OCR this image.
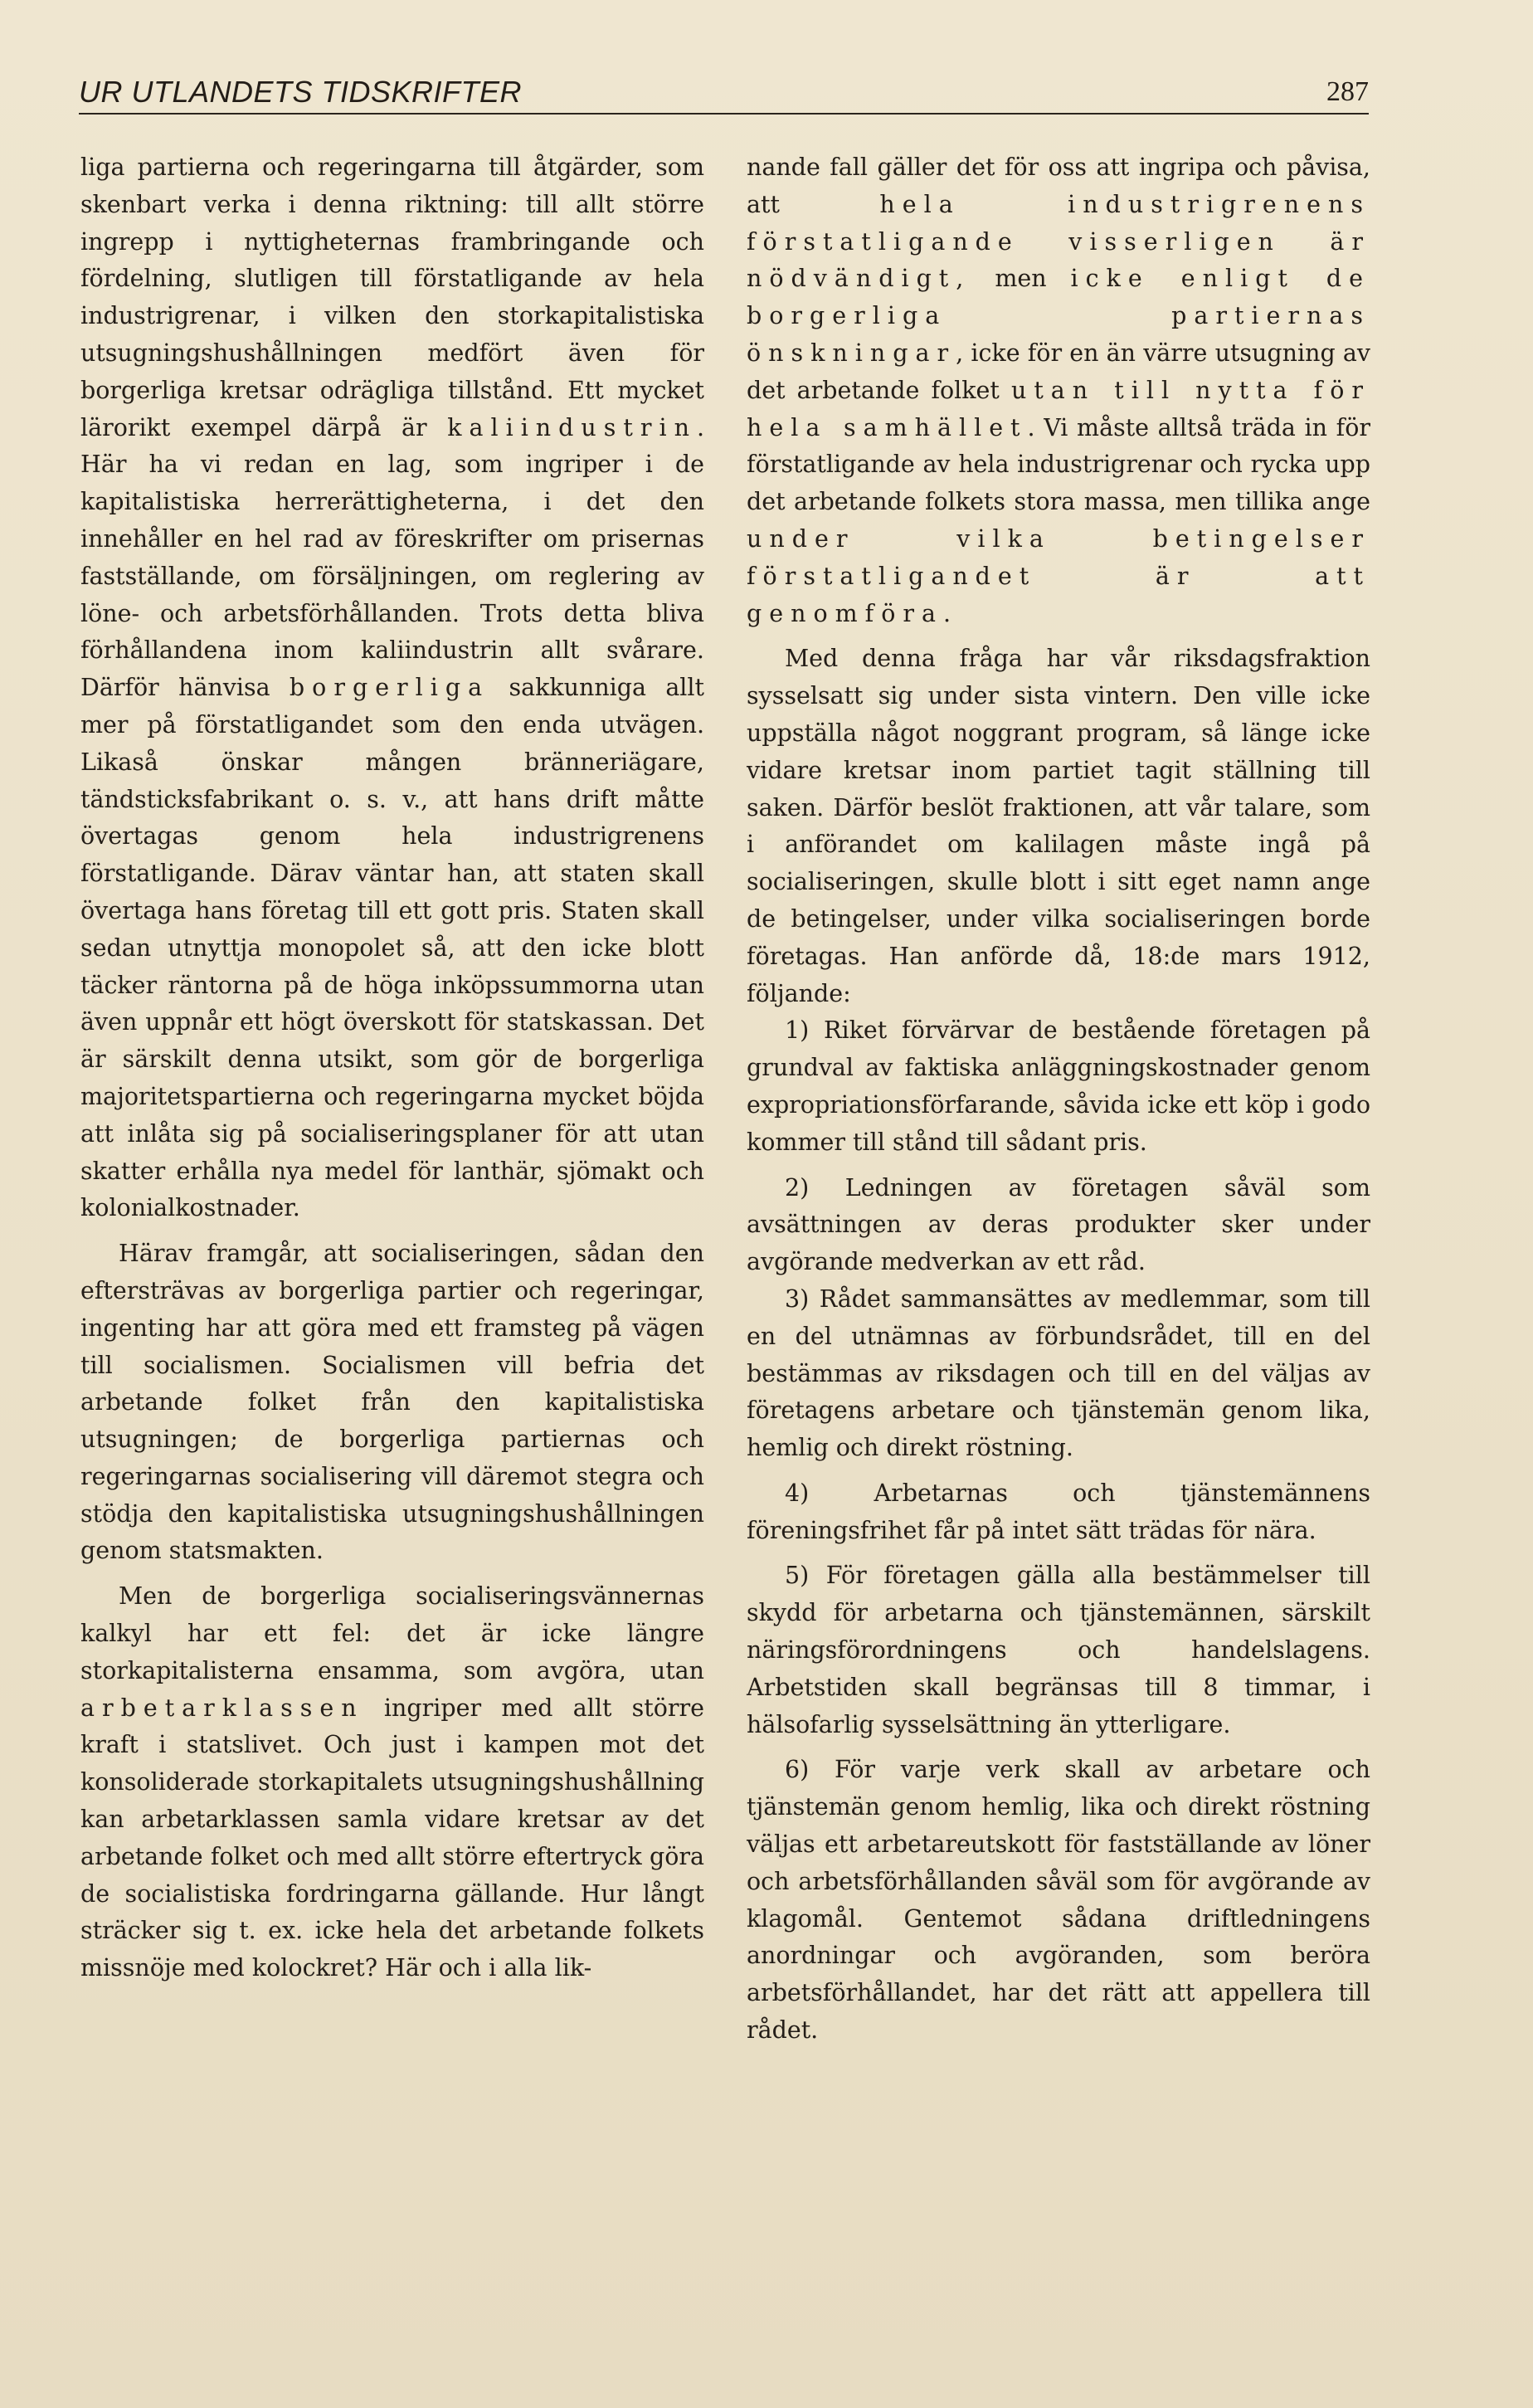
UR UTLANDETS TIDSKRIFTER	287

liga partierna och regeringarna till åtgärder, som skenbart verka i denna riktning: till allt större ingrepp i nyttigheternas frambringande och fördelning, slutligen till förstatligande av hela industrigrenar, i vilken den storkapitalistiska utsugningshushållningen medfört även för borgerliga kretsar odrägliga tillstånd. Ett mycket lärorikt exempel därpå är kaliindustrin. Här ha vi redan en lag, som ingriper i de kapitalistiska herrerättigheterna, i det den innehåller en hel rad av föreskrifter om prisernas fastställande, om försäljningen, om reglering av löne- och arbetsförhållanden. Trots detta bliva förhållandena inom kaliindustrin allt svårare. Därför hänvisa borgerliga sakkunniga allt mer på förstatligandet som den enda utvägen. Likaså önskar mången bränneriägare, tändsticksfabrikant o. s. v., att hans drift måtte övertagas genom hela industrigrenens förstatligande. Därav väntar han, att staten skall övertaga hans företag till ett gott pris. Staten skall sedan utnyttja monopolet så, att den icke blott täcker räntorna på de höga inköpssummorna utan även uppnår ett högt överskott för statskassan. Det är särskilt denna utsikt, som gör de borgerliga majoritetspartierna och regeringarna mycket böjda att inlåta sig på socialiseringsplaner för att utan skatter erhålla nya medel för lanthär, sjömakt och kolonialkostnader.

Härav framgår, att socialiseringen, sådan den eftersträvas av borgerliga partier och regeringar, ingenting har att göra med ett framsteg på vägen till socialismen. Socialismen vill befria det arbetande folket från den kapitalistiska utsugningen; de borgerliga partiernas och regeringarnas socialisering vill däremot stegra och stödja den kapitalistiska utsugningshushållningen genom statsmakten.

Men de borgerliga socialiseringsvännernas kalkyl har ett fel: det är icke längre storkapitalisterna ensamma, som avgöra, utan arbetarklassen ingriper med allt större kraft i statslivet. Och just i kampen mot det konsoliderade storkapitalets utsugningshushållning kan arbetarklassen samla vidare kretsar av det arbetande folket och med allt större eftertryck göra de socialistiska fordringarna gällande. Hur långt sträcker sig t. ex. icke hela det arbetande folkets missnöje med kolockret? Här och i alla lik-

nande fall gäller det för oss att ingripa och påvisa, att hela industrigrenens förstatligande visserligen är nödvändigt, men icke enligt de borgerliga partiernas önskningar, icke för en än värre utsugning av det arbetande folket utan till nytta för hela samhället. Vi måste alltså träda in för förstatligande av hela industrigrenar och rycka upp det arbetande folkets stora massa, men tillika ange under vilka betingelser förstatligandet är att genomföra.

Med denna fråga har vår riksdagsfraktion sysselsatt sig under sista vintern. Den ville icke uppställa något noggrant program, så länge icke vidare kretsar inom partiet tagit ställning till saken. Därför beslöt fraktionen, att vår talare, som i anförandet om kalilagen måste ingå på socialiseringen, skulle blott i sitt eget namn ange de betingelser, under vilka socialiseringen borde företagas. Han anförde då, 18:de mars 1912, följande:

1) Riket förvärvar de bestående företagen på grundval av faktiska anläggningskostnader genom expropriationsförfarande, såvida icke ett köp i godo kommer till stånd till sådant pris.

2) Ledningen av företagen såväl som avsättningen av deras produkter sker under avgörande medverkan av ett råd.

3) Rådet sammansättes av medlemmar, som till en del utnämnas av förbundsrådet, till en del bestämmas av riksdagen och till en del väljas av företagens arbetare och tjänstemän genom lika, hemlig och direkt röstning.

4) Arbetarnas och tjänstemännens föreningsfrihet får på intet sätt trädas för nära.

5) För företagen gälla alla bestämmelser till skydd för arbetarna och tjänstemännen, särskilt näringsförordningens och handelslagens. Arbetstiden skall begränsas till 8 timmar, i hälsofarlig sysselsättning än ytterligare.

6) För varje verk skall av arbetare och tjänstemän genom hemlig, lika och direkt röstning väljas ett arbetareutskott för fastställande av löner och arbetsförhållanden såväl som för avgörande av klagomål. Gentemot sådana driftledningens anordningar och avgöranden, som beröra arbetsförhållandet, har det rätt att appellera till rådet.
